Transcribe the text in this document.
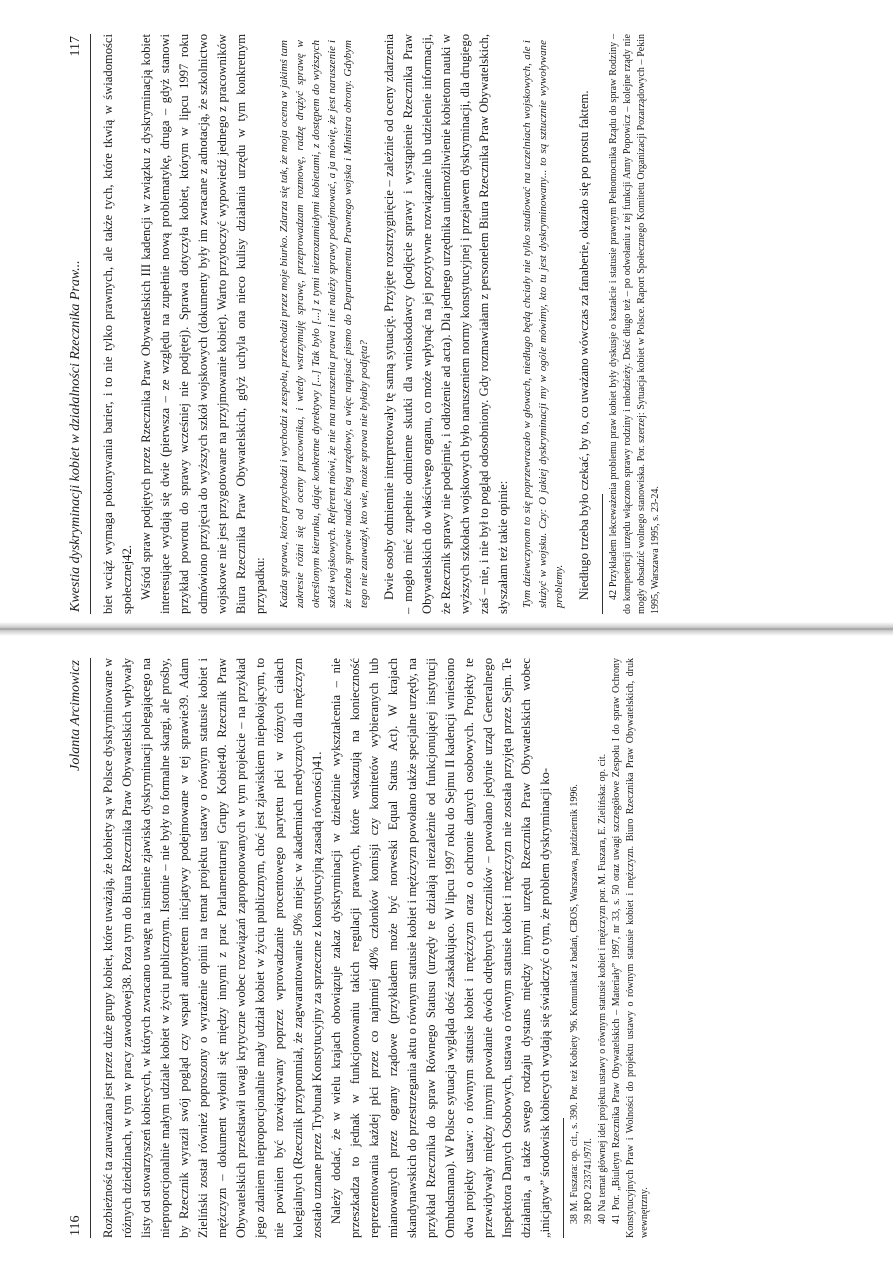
Kwestia dyskryminacji kobiet w działalności Rzecznika Praw...
117 biet wciąż wymaga pokonywania barier, i to nie tylko prawnych, ale także tych, które tkwią w świadomości społecznej42. Wśród spraw podjętych przez Rzecznika Praw Obywatelskich III kadencji w związku z dyskryminacją kobiet interesujące wydają się dwie (pierwsza – ze względu na zupełnie nową problematykę, druga – gdyż stanowi przykład powrotu do sprawy wcześniej nie podjętej). Sprawa dotyczyła kobiet, którym w lipcu 1997 roku odmówiono przyjęcia do wyższych szkół wojskowych (dokumenty były im zwracane z adnotacją, że szkolnictwo wojskowe nie jest przygotowane na przyjmowanie kobiet). Warto przytoczyć wypowiedź jednego z pracowników Biura Rzecznika Praw Obywatelskich, gdyż uchyla ona nieco kulisy działania urzędu w tym konkretnym przypadku: Każda sprawa, która przychodzi i wychodzi z zespołu, przechodzi przez moje biurko. Zdarza się tak, że moja ocena w jakimś tam zakresie różni się od oceny pracownika, i wtedy wstrzymuję sprawę, przeprowadzam rozmowę, radzę drążyć sprawę w określonym kierunku, dając konkretne dyrektywy [...] Tak było [...] z tymi niezrozumiałymi kobietami, z dostępem do wyższych szkół wojskowych. Referent mówi, że nie ma naruszenia prawa i nie należy sprawy podejmować, a ja mówię, że jest naruszenie i że trzeba sprawie nadać bieg urzędowy, a więc napisać pismo do Departamentu Prawnego wojska i Ministra obrony. Gdybym tego nie zauważył, kto wie, może sprawa nie byłaby podjęta? Dwie osoby odmiennie interpretowały tę samą sytuację. Przyjęte rozstrzygnięcie – zależnie od oceny zdarzenia – mogło mieć zupełnie odmienne skutki dla wnioskodawcy (podjęcie sprawy i wystąpienie Rzecznika Praw Obywatelskich do właściwego organu, co może wpłynąć na jej pozytywne rozwiązanie lub udzielenie informacji, że Rzecznik sprawy nie podejmie, i odłożenie ad acta). Dla jednego urzędnika uniemożliwienie kobietom nauki w wyższych szkołach wojskowych było naruszeniem normy konstytucyjnej i przejawem dyskryminacji, dla drugiego zaś – nie, i nie był to pogląd odosobniony. Gdy rozmawiałam z personelem Biura Rzecznika Praw Obywatelskich, słyszałam też takie opinie: Tym dziewczynom to się poprzewracało w głowach, niedługo będą chciały nie tylko studiować na uczelniach wojskowych, ale i służyć w wojsku. Czy: O jakiej dyskryminacji my w ogóle mówimy, kto tu jest dyskryminowany... to są sztucznie wywoływane problemy. Niedługo trzeba było czekać, by to, co uważano wówczas za fanaberie, okazało się po prostu faktem.	42 Przykładem lekceważenia problemu praw kobiet były dyskusje o kształcie i statusie prawnym Pełnomocnika Rządu do spraw Rodziny – do kompetencji urzędu włączono sprawy rodziny i młodzieży. Dość długo też – po odwołaniu z tej funkcji Anny Popowicz – kolejne rządy nie mogły obsadzić wolnego stanowiska. Por. szerzej: Sytuacja kobiet w Polsce. Raport Społecznego Komitetu Organizacji Pozarządowych – Pekin 1995, Warszawa 1995, s. 23-24.

116
Jolanta Arcimowicz Rozbieżność ta zauważana jest przez duże grupy kobiet, które uważają, że kobiety są w Polsce dyskryminowane w różnych dziedzinach, w tym w pracy zawodowej38. Poza tym do Biura Rzecznika Praw Obywatelskich wpływały listy od stowarzyszeń kobiecych, w których zwracano uwagę na istnienie zjawiska dyskryminacji polegającego na nieproporcjonalnie małym udziale kobiet w życiu publicznym. Istotnie – nie były to formalne skargi, ale prośby, by Rzecznik wyraził swój pogląd czy wsparł autorytetem inicjatywy podejmowane w tej sprawie39. Adam Zieliński został również poproszony o wyrażenie opinii na temat projektu ustawy o równym statusie kobiet i mężczyzn – dokument wyłonił się między innymi z prac Parlamentarnej Grupy Kobiet40. Rzecznik Praw Obywatelskich przedstawił uwagi krytyczne wobec rozwiązań zaproponowanych w tym projekcie – na przykład jego zdaniem nieproporcjonalnie mały udział kobiet w życiu publicznym, choć jest zjawiskiem niepokojącym, to nie powinien być rozwiązywany poprzez wprowadzanie procentowego parytetu płci w różnych ciałach kolegialnych (Rzecznik przypomniał, że zagwarantowanie 50% miejsc w akademiach medycznych dla mężczyzn zostało uznane przez Trybunał Konstytucyjny za sprzeczne z konstytucyjną zasadą równości)41. Należy dodać, że w wielu krajach obowiązuje zakaz dyskryminacji w dziedzinie wykształcenia – nie przeszkadza to jednak w funkcjonowaniu takich regulacji prawnych, które wskazują na konieczność reprezentowania każdej płci przez co najmniej 40% członków komisji czy komitetów wybieranych lub mianowanych przez ograny rządowe (przykładem może być norweski Equal Status Act). W krajach skandynawskich do przestrzegania aktu o równym statusie kobiet i mężczyzn powołano także specjalne urzędy, na przykład Rzecznika do spraw Równego Statusu (urzędy te działają niezależnie od funkcjonującej instytucji Ombudsmana). W Polsce sytuacja wygląda dość zaskakująco. W lipcu 1997 roku do Sejmu II kadencji wniesiono dwa projekty ustaw: o równym statusie kobiet i mężczyzn oraz o ochronie danych osobowych. Projekty te przewidywały między innymi powołanie dwóch odrębnych rzeczników – powołano jedynie urząd Generalnego Inspektora Danych Osobowych, ustawa o równym statusie kobiet i mężczyzn nie została przyjęta przez Sejm. Te działania, a także swego rodzaju dystans między innymi urzędu Rzecznika Praw Obywatelskich wobec „inicjatyw” środowisk kobiecych wydają się świadczyć o tym, że problem dyskryminacji ko-	38 M. Fuszara: op. cit., s. 390. Por. też Kobiety '96. Komunikat z badań, CBOS, Warszawa, październik 1996. 39 RPO 233741/97/I. 40 Na temat głównej idei projektu ustawy o równym statusie kobiet i mężczyzn por. M. Fuszara, E. Zielińska: op. cit. 41 Por. „Biuletyn Rzecznika Praw Obywatelskich – Materiały” 1997, nr 33, s. 50 oraz uwagi szczegółowe Zespołu I do spraw Ochrony Konstytucyjnych Praw i Wolności do projektu ustawy o równym statusie kobiet i mężczyzn. Biuro Rzecznika Praw Obywatelskich, druk wewnętrzny.
